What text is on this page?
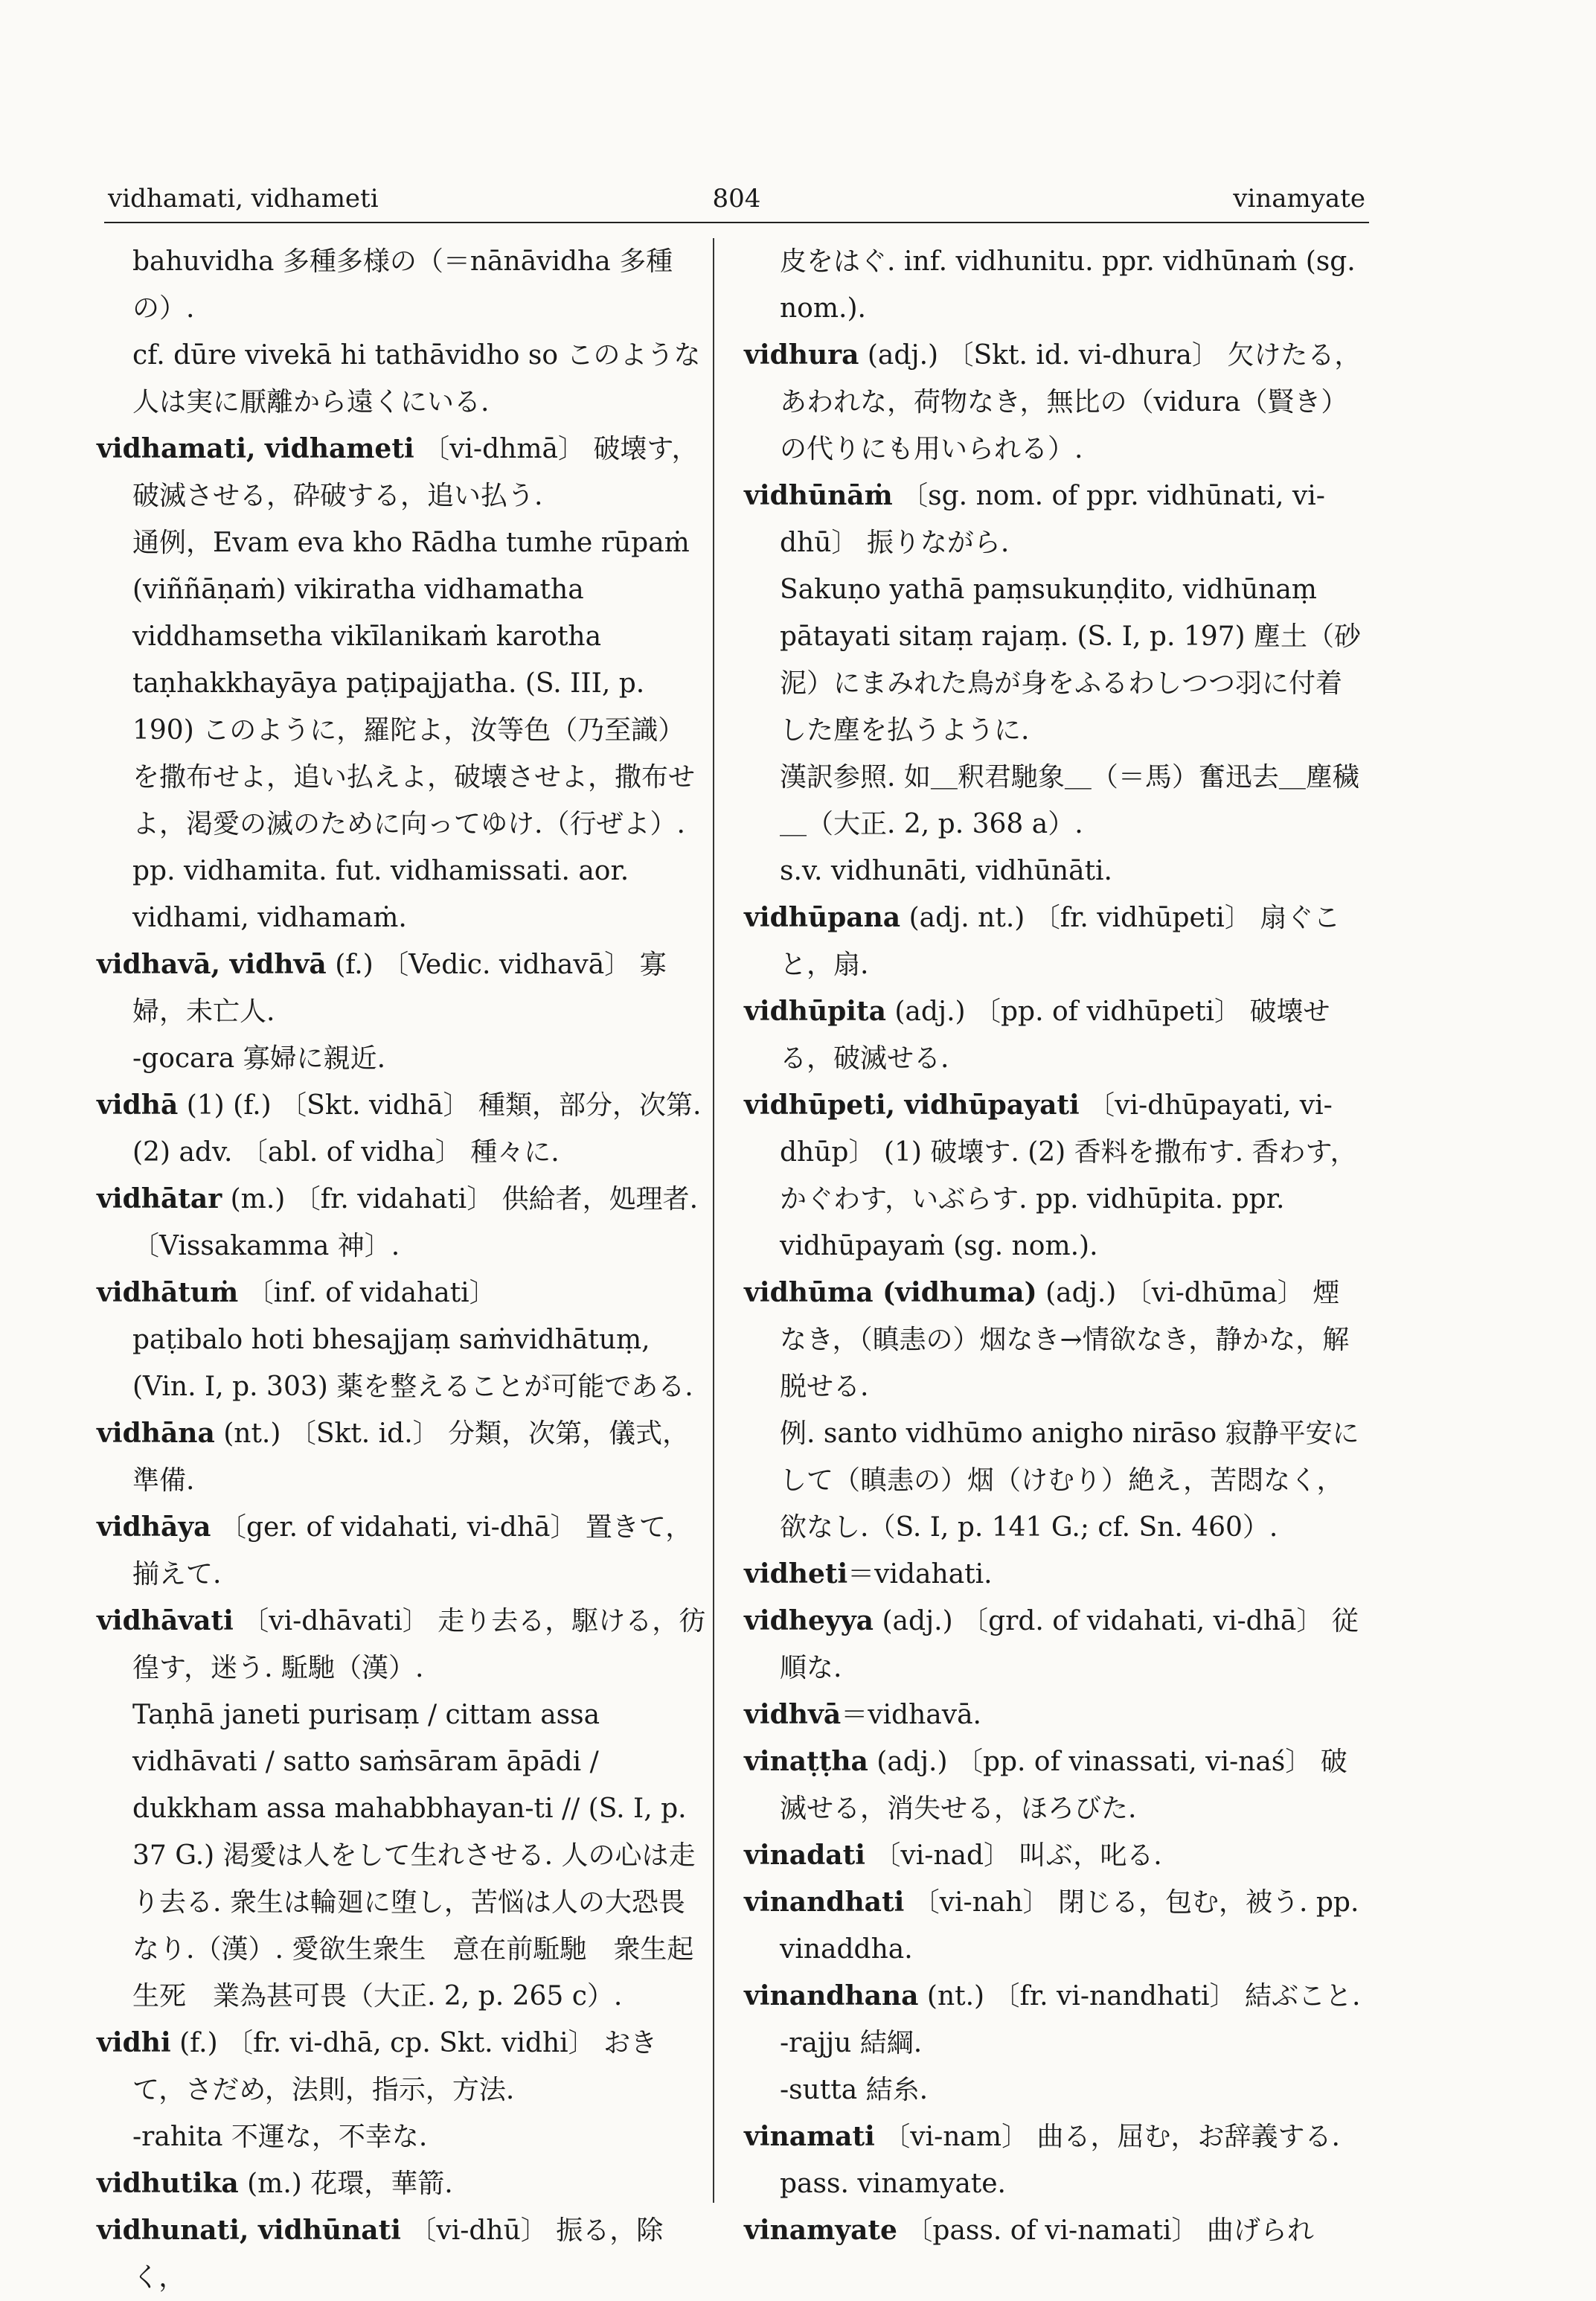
vidhamati, vidhameti	804	vinamyate

bahuvidha 多種多様の（＝nānāvidha 多種の）.

cf. dūre vivekā hi tathāvidho so このような人は実に厭離から遠くにいる.

vidhamati, vidhameti 〔vi-dhmā〕 破壊す，破滅させる，砕破する，追い払う.

通例，Evam eva kho Rādha tumhe rūpaṁ (viññāṇaṁ) vikiratha vidhamatha viddhamsetha vikīlanikaṁ karotha taṇhakkhayāya paṭipajjatha. (S. III, p. 190) このように，羅陀よ，汝等色（乃至識）を撒布せよ，追い払えよ，破壊させよ，撒布せよ，渇愛の滅のために向ってゆけ.（行ぜよ）.

pp. vidhamita. fut. vidhamissati. aor. vidhami, vidhamaṁ.

vidhavā, vidhvā (f.) 〔Vedic. vidhavā〕 寡婦，未亡人.

-gocara 寡婦に親近.

vidhā (1) (f.) 〔Skt. vidhā〕 種類，部分，次第. (2) adv. 〔abl. of vidha〕 種々に.

vidhātar (m.) 〔fr. vidahati〕 供給者，処理者.〔Vissakamma 神〕.

vidhātuṁ 〔inf. of vidahati〕

paṭibalo hoti bhesajjaṃ saṁvidhātuṃ, (Vin. I, p. 303) 薬を整えることが可能である.

vidhāna (nt.) 〔Skt. id.〕 分類，次第，儀式，準備.

vidhāya 〔ger. of vidahati, vi-dhā〕 置きて，揃えて.

vidhāvati 〔vi-dhāvati〕 走り去る，駆ける，彷徨す，迷う. 駈馳（漢）.

Taṇhā janeti purisaṃ / cittam assa vidhāvati / satto saṁsāram āpādi / dukkham assa mahabbhayan-ti // (S. I, p. 37 G.) 渇愛は人をして生れさせる. 人の心は走り去る. 衆生は輪廻に堕し，苦悩は人の大恐畏なり.（漢）. 愛欲生衆生　意在前駈馳　衆生起生死　業為甚可畏（大正. 2, p. 265 c）.

vidhi (f.) 〔fr. vi-dhā, cp. Skt. vidhi〕 おきて，さだめ，法則，指示，方法.

-rahita 不運な，不幸な.

vidhutika (m.) 花環，華箭.

vidhunati, vidhūnati 〔vi-dhū〕 振る，除く，

皮をはぐ. inf. vidhunitu. ppr. vidhūnaṁ (sg. nom.).

vidhura (adj.) 〔Skt. id. vi-dhura〕 欠けたる，あわれな，荷物なき，無比の（vidura（賢き）の代りにも用いられる）.

vidhūnāṁ 〔sg. nom. of ppr. vidhūnati, vi-dhū〕 振りながら.

Sakuṇo yathā paṃsukuṇḍito, vidhūnaṃ pātayati sitaṃ rajaṃ. (S. I, p. 197) 塵土（砂泥）にまみれた鳥が身をふるわしつつ羽に付着した塵を払うように.

漢訳参照. 如＿釈君馳象＿（＝馬）奮迅去＿塵穢＿（大正. 2, p. 368 a）.

s.v. vidhunāti, vidhūnāti.

vidhūpana (adj. nt.) 〔fr. vidhūpeti〕 扇ぐこと，扇.

vidhūpita (adj.) 〔pp. of vidhūpeti〕 破壊せる，破滅せる.

vidhūpeti, vidhūpayati 〔vi-dhūpayati, vi-dhūp〕 (1) 破壊す. (2) 香料を撒布す. 香わす，かぐわす，いぶらす. pp. vidhūpita. ppr. vidhūpayaṁ (sg. nom.).

vidhūma (vidhuma) (adj.) 〔vi-dhūma〕 煙なき，（瞋恚の）烟なき→情欲なき，静かな，解脱せる.

例. santo vidhūmo anigho nirāso 寂静平安にして（瞋恚の）烟（けむり）絶え，苦悶なく，欲なし.（S. I, p. 141 G.; cf. Sn. 460）.

vidheti＝vidahati.

vidheyya (adj.) 〔grd. of vidahati, vi-dhā〕 従順な.

vidhvā＝vidhavā.

vinaṭṭha (adj.) 〔pp. of vinassati, vi-naś〕 破滅せる，消失せる，ほろびた.

vinadati 〔vi-nad〕 叫ぶ，叱る.

vinandhati 〔vi-nah〕 閉じる，包む，被う. pp. vinaddha.

vinandhana (nt.) 〔fr. vi-nandhati〕 結ぶこと.

-rajju 結綱.

-sutta 結糸.

vinamati 〔vi-nam〕 曲る，屈む，お辞義する. pass. vinamyate.

vinamyate 〔pass. of vi-namati〕 曲げられ
